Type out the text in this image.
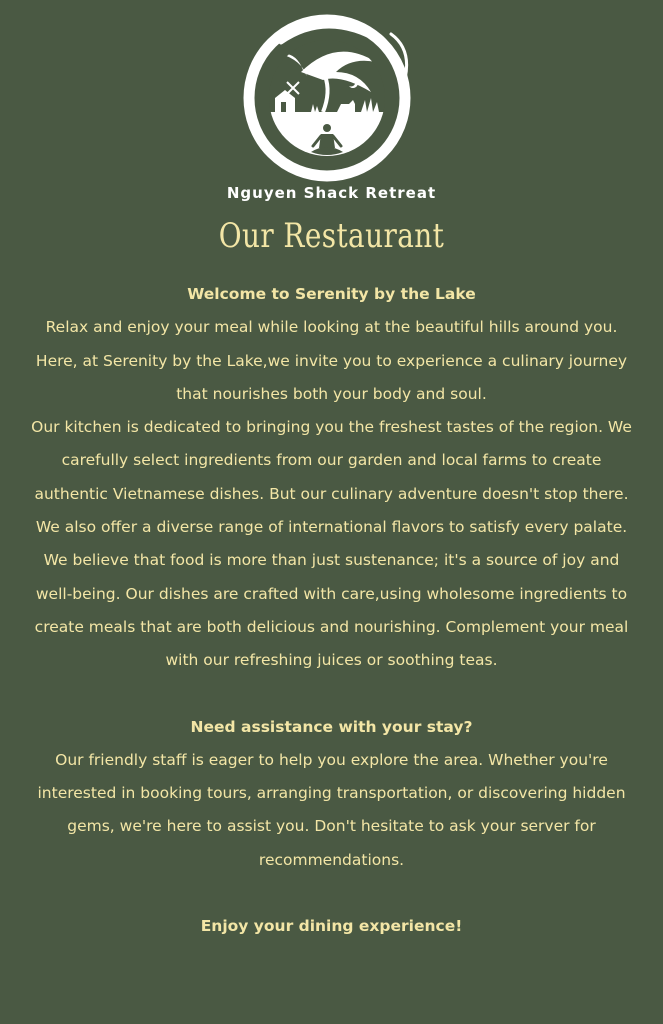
Nguyen Shack Retreat
Our Restaurant

Welcome to Serenity by the Lake

Relax and enjoy your meal while looking at the beautiful hills around you. Here, at Serenity by the Lake,we invite you to experience a culinary journey that nourishes both your body and soul.

Our kitchen is dedicated to bringing you the freshest tastes of the region. We carefully select ingredients from our garden and local farms to create authentic Vietnamese dishes. But our culinary adventure doesn't stop there. We also offer a diverse range of international flavors to satisfy every palate.

We believe that food is more than just sustenance; it's a source of joy and well-being. Our dishes are crafted with care,using wholesome ingredients to create meals that are both delicious and nourishing. Complement your meal with our refreshing juices or soothing teas.

Need assistance with your stay?

Our friendly staff is eager to help you explore the area. Whether you're interested in booking tours, arranging transportation, or discovering hidden gems, we're here to assist you. Don't hesitate to ask your server for recommendations.

Enjoy your dining experience!
